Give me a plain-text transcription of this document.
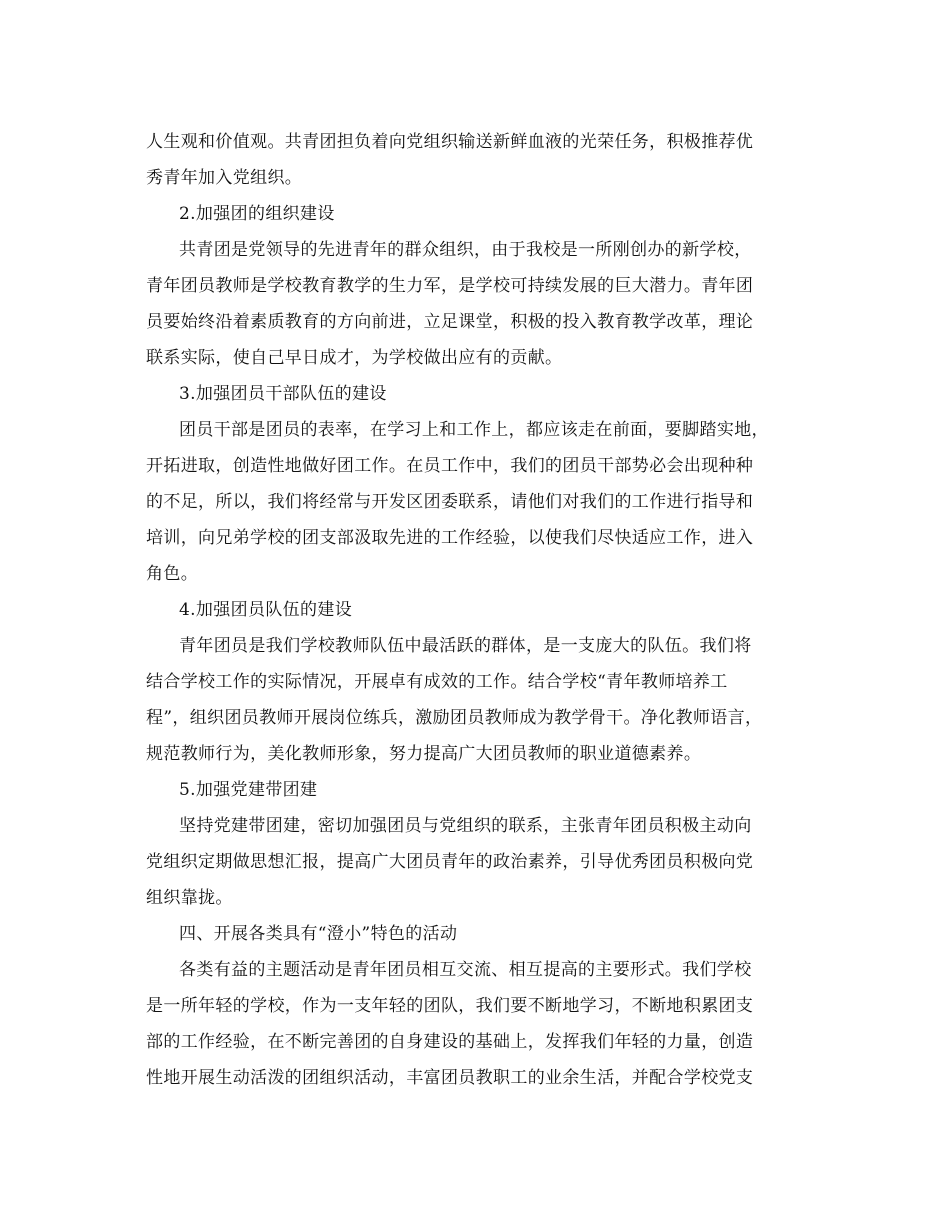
人生观和价值观。共青团担负着向党组织输送新鲜血液的光荣任务，积极推荐优
秀青年加入党组织。
2.加强团的组织建设
共青团是党领导的先进青年的群众组织，由于我校是一所刚创办的新学校，
青年团员教师是学校教育教学的生力军，是学校可持续发展的巨大潜力。青年团
员要始终沿着素质教育的方向前进，立足课堂，积极的投入教育教学改革，理论
联系实际，使自己早日成才，为学校做出应有的贡献。
3.加强团员干部队伍的建设
团员干部是团员的表率，在学习上和工作上，都应该走在前面，要脚踏实地，
开拓进取，创造性地做好团工作。在员工作中，我们的团员干部势必会出现种种
的不足，所以，我们将经常与开发区团委联系，请他们对我们的工作进行指导和
培训，向兄弟学校的团支部汲取先进的工作经验，以使我们尽快适应工作，进入
角色。
4.加强团员队伍的建设
青年团员是我们学校教师队伍中最活跃的群体，是一支庞大的队伍。我们将
结合学校工作的实际情况，开展卓有成效的工作。结合学校“青年教师培养工
程”，组织团员教师开展岗位练兵，激励团员教师成为教学骨干。净化教师语言，
规范教师行为，美化教师形象，努力提高广大团员教师的职业道德素养。
5.加强党建带团建
坚持党建带团建，密切加强团员与党组织的联系，主张青年团员积极主动向
党组织定期做思想汇报，提高广大团员青年的政治素养，引导优秀团员积极向党
组织靠拢。
四、开展各类具有“澄小”特色的活动
各类有益的主题活动是青年团员相互交流、相互提高的主要形式。我们学校
是一所年轻的学校，作为一支年轻的团队，我们要不断地学习，不断地积累团支
部的工作经验，在不断完善团的自身建设的基础上，发挥我们年轻的力量，创造
性地开展生动活泼的团组织活动，丰富团员教职工的业余生活，并配合学校党支
